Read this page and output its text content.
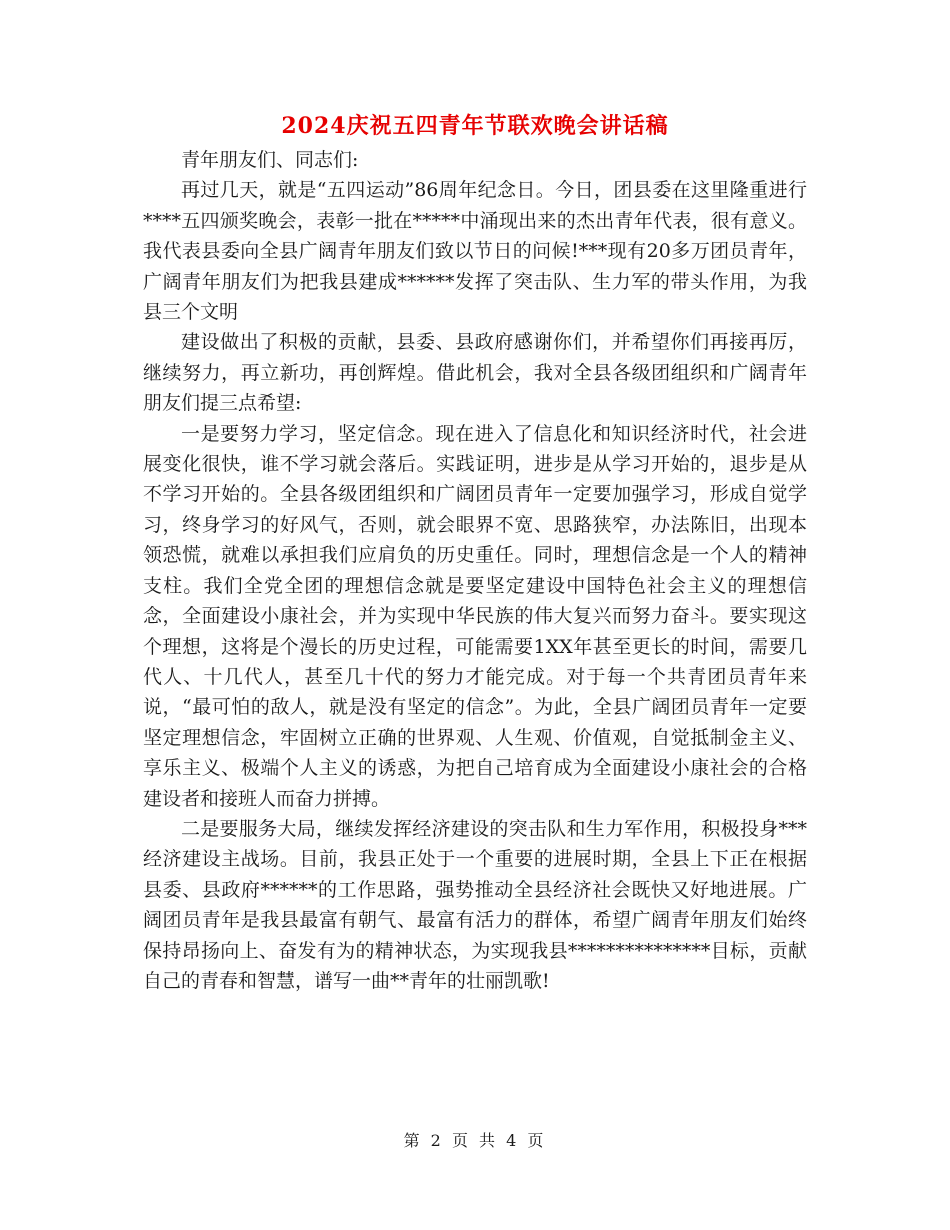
2024庆祝五四青年节联欢晚会讲话稿

青年朋友们、同志们:

再过几天，就是“五四运动”86周年纪念日。今日，团县委在这里隆重进行****五四颁奖晚会，表彰一批在*****中涌现出来的杰出青年代表，很有意义。我代表县委向全县广阔青年朋友们致以节日的问候!***现有20多万团员青年，广阔青年朋友们为把我县建成******发挥了突击队、生力军的带头作用，为我县三个文明

建设做出了积极的贡献，县委、县政府感谢你们，并希望你们再接再厉，继续努力，再立新功，再创辉煌。借此机会，我对全县各级团组织和广阔青年朋友们提三点希望:

一是要努力学习，坚定信念。现在进入了信息化和知识经济时代，社会进展变化很快，谁不学习就会落后。实践证明，进步是从学习开始的，退步是从不学习开始的。全县各级团组织和广阔团员青年一定要加强学习，形成自觉学习，终身学习的好风气，否则，就会眼界不宽、思路狭窄，办法陈旧，出现本领恐慌，就难以承担我们应肩负的历史重任。同时，理想信念是一个人的精神支柱。我们全党全团的理想信念就是要坚定建设中国特色社会主义的理想信念，全面建设小康社会，并为实现中华民族的伟大复兴而努力奋斗。要实现这个理想，这将是个漫长的历史过程，可能需要1XX年甚至更长的时间，需要几代人、十几代人，甚至几十代的努力才能完成。对于每一个共青团员青年来说，“最可怕的敌人，就是没有坚定的信念”。为此，全县广阔团员青年一定要坚定理想信念，牢固树立正确的世界观、人生观、价值观，自觉抵制金主义、享乐主义、极端个人主义的诱惑，为把自己培育成为全面建设小康社会的合格建设者和接班人而奋力拼搏。

二是要服务大局，继续发挥经济建设的突击队和生力军作用，积极投身***经济建设主战场。目前，我县正处于一个重要的进展时期，全县上下正在根据县委、县政府******的工作思路，强势推动全县经济社会既快又好地进展。广阔团员青年是我县最富有朝气、最富有活力的群体，希望广阔青年朋友们始终保持昂扬向上、奋发有为的精神状态，为实现我县***************目标，贡献自己的青春和智慧，谱写一曲**青年的壮丽凯歌!

第 2 页 共 4 页
